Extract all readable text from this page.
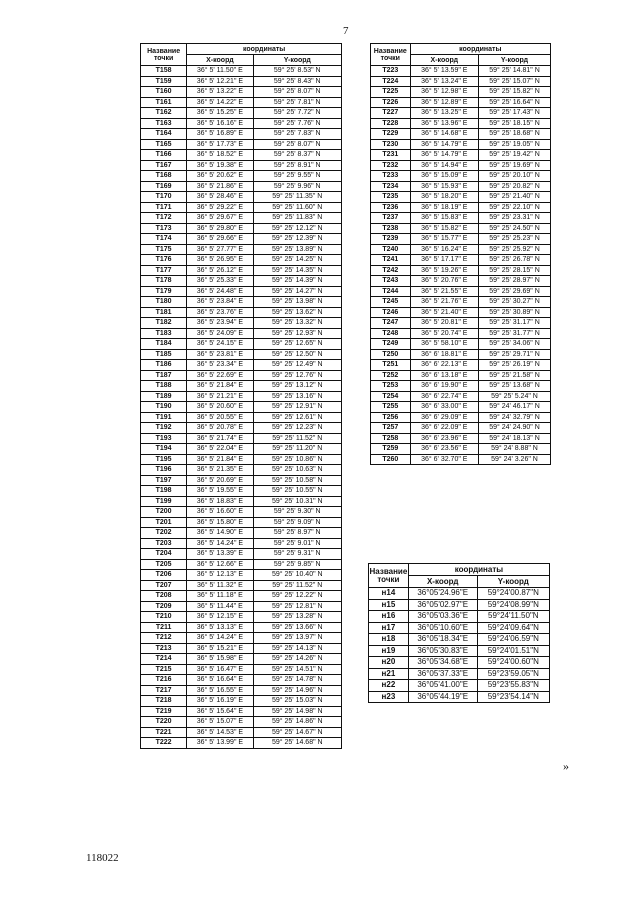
7
Название
точки	координаты	
	Х-коорд	Y-коорд
T158	36° 5' 11.50" E	59° 25' 8.53" N
T159	36° 5' 12.21" E	59° 25' 8.43" N
T160	36° 5' 13.22" E	59° 25' 8.07" N
T161	36° 5' 14.22" E	59° 25' 7.81" N
T162	36° 5' 15.25" E	59° 25' 7.72" N
T163	36° 5' 16.16" E	59° 25' 7.76" N
T164	36° 5' 16.89" E	59° 25' 7.83" N
T165	36° 5' 17.73" E	59° 25' 8.07" N
T166	36° 5' 18.52" E	59° 25' 8.37" N
T167	36° 5' 19.38" E	59° 25' 8.91" N
T168	36° 5' 20.62" E	59° 25' 9.55" N
T169	36° 5' 21.86" E	59° 25' 9.96" N
T170	36° 5' 28.46" E	59° 25' 11.35" N
T171	36° 5' 29.22" E	59° 25' 11.60" N
T172	36° 5' 29.67" E	59° 25' 11.83" N
T173	36° 5' 29.80" E	59° 25' 12.12" N
T174	36° 5' 29.66" E	59° 25' 12.39" N
T175	36° 5' 27.77" E	59° 25' 13.89" N
T176	36° 5' 26.95" E	59° 25' 14.25" N
T177	36° 5' 26.12" E	59° 25' 14.35" N
T178	36° 5' 25.33" E	59° 25' 14.39" N
T179	36° 5' 24.48" E	59° 25' 14.27" N
T180	36° 5' 23.84" E	59° 25' 13.98" N
T181	36° 5' 23.76" E	59° 25' 13.62" N
T182	36° 5' 23.94" E	59° 25' 13.32" N
T183	36° 5' 24.09" E	59° 25' 12.93" N
T184	36° 5' 24.15" E	59° 25' 12.65" N
T185	36° 5' 23.81" E	59° 25' 12.50" N
T186	36° 5' 23.34" E	59° 25' 12.49" N
T187	36° 5' 22.69" E	59° 25' 12.76" N
T188	36° 5' 21.84" E	59° 25' 13.12" N
T189	36° 5' 21.21" E	59° 25' 13.16" N
T190	36° 5' 20.60" E	59° 25' 12.91" N
T191	36° 5' 20.55" E	59° 25' 12.61" N
T192	36° 5' 20.78" E	59° 25' 12.23" N
T193	36° 5' 21.74" E	59° 25' 11.52" N
T194	36° 5' 22.04" E	59° 25' 11.20" N
T195	36° 5' 21.84" E	59° 25' 10.86" N
T196	36° 5' 21.35" E	59° 25' 10.63" N
T197	36° 5' 20.69" E	59° 25' 10.58" N
T198	36° 5' 19.55" E	59° 25' 10.55" N
T199	36° 5' 18.83" E	59° 25' 10.31" N
T200	36° 5' 16.60" E	59° 25' 9.30" N
T201	36° 5' 15.80" E	59° 25' 9.09" N
T202	36° 5' 14.90" E	59° 25' 8.97" N
T203	36° 5' 14.24" E	59° 25' 9.01" N
T204	36° 5' 13.39" E	59° 25' 9.31" N
T205	36° 5' 12.66" E	59° 25' 9.85" N
T206	36° 5' 12.13" E	59° 25' 10.40" N
T207	36° 5' 11.32" E	59° 25' 11.52" N
T208	36° 5' 11.18" E	59° 25' 12.22" N
T209	36° 5' 11.44" E	59° 25' 12.81" N
T210	36° 5' 12.15" E	59° 25' 13.28" N
T211	36° 5' 13.13" E	59° 25' 13.66" N
T212	36° 5' 14.24" E	59° 25' 13.97" N
T213	36° 5' 15.21" E	59° 25' 14.13" N
T214	36° 5' 15.98" E	59° 25' 14.26" N
T215	36° 5' 16.47" E	59° 25' 14.51" N
T216	36° 5' 16.64" E	59° 25' 14.78" N
T217	36° 5' 16.55" E	59° 25' 14.96" N
T218	36° 5' 16.19" E	59° 25' 15.03" N
T219	36° 5' 15.64" E	59° 25' 14.98" N
T220	36° 5' 15.07" E	59° 25' 14.86" N
T221	36° 5' 14.53" E	59° 25' 14.67" N
T222	36° 5' 13.99" E	59° 25' 14.68" N
Название
точки	координаты	
	Х-коорд	Y-коорд
T223	36° 5' 13.59" E	59° 25' 14.81" N
T224	36° 5' 13.24" E	59° 25' 15.07" N
T225	36° 5' 12.98" E	59° 25' 15.82" N
T226	36° 5' 12.89" E	59° 25' 16.64" N
T227	36° 5' 13.25" E	59° 25' 17.43" N
T228	36° 5' 13.96" E	59° 25' 18.15" N
T229	36° 5' 14.68" E	59° 25' 18.68" N
T230	36° 5' 14.79" E	59° 25' 19.05" N
T231	36° 5' 14.79" E	59° 25' 19.42" N
T232	36° 5' 14.94" E	59° 25' 19.69" N
T233	36° 5' 15.09" E	59° 25' 20.10" N
T234	36° 5' 15.93" E	59° 25' 20.82" N
T235	36° 5' 18.20" E	59° 25' 21.40" N
T236	36° 5' 18.19" E	59° 25' 22.10" N
T237	36° 5' 15.83" E	59° 25' 23.31" N
T238	36° 5' 15.82" E	59° 25' 24.50" N
T239	36° 5' 15.77" E	59° 25' 25.23" N
T240	36° 5' 16.24" E	59° 25' 25.92" N
T241	36° 5' 17.17" E	59° 25' 26.78" N
T242	36° 5' 19.26" E	59° 25' 28.15" N
T243	36° 5' 20.76" E	59° 25' 28.97" N
T244	36° 5' 21.55" E	59° 25' 29.69" N
T245	36° 5' 21.76" E	59° 25' 30.27" N
T246	36° 5' 21.40" E	59° 25' 30.89" N
T247	36° 5' 20.81" E	59° 25' 31.17" N
T248	36° 5' 20.74" E	59° 25' 31.77" N
T249	36° 5' 58.10" E	59° 25' 34.06" N
T250	36° 6' 18.81" E	59° 25' 29.71" N
T251	36° 6' 22.13" E	59° 25' 26.19" N
T252	36° 6' 13.18" E	59° 25' 21.58" N
T253	36° 6' 19.90" E	59° 25' 13.68" N
T254	36° 6' 22.74" E	59° 25' 5.24" N
T255	36° 6' 33.00" E	59° 24' 46.17" N
T256	36° 6' 29.09" E	59° 24' 32.79" N
T257	36° 6' 22.09" E	59° 24' 24.90" N
T258	36° 6' 23.96" E	59° 24' 18.13" N
T259	36° 6' 23.56" E	59° 24' 8.88" N
T260	36° 6' 32.70" E	59° 24' 3.26" N
Название
точки	координаты	
	Х-коорд	Y-коорд
н14	36°05'24.96"E	59°24'00.87"N
н15	36°05'02.97"E	59°24'08.99"N
н16	36°05'03.36"E	59°24'11.50"N
н17	36°05'10.60"E	59°24'09.64"N
н18	36°05'18.34"E	59°24'06.59"N
н19	36°05'30.83"E	59°24'01.51"N
н20	36°05'34.68"E	59°24'00.60"N
н21	36°05'37.33"E	59°23'59.05"N
н22	36°05'41.00"E	59°23'55.83"N
н23	36°05'44.19"E	59°23'54.14"N
»
118022
